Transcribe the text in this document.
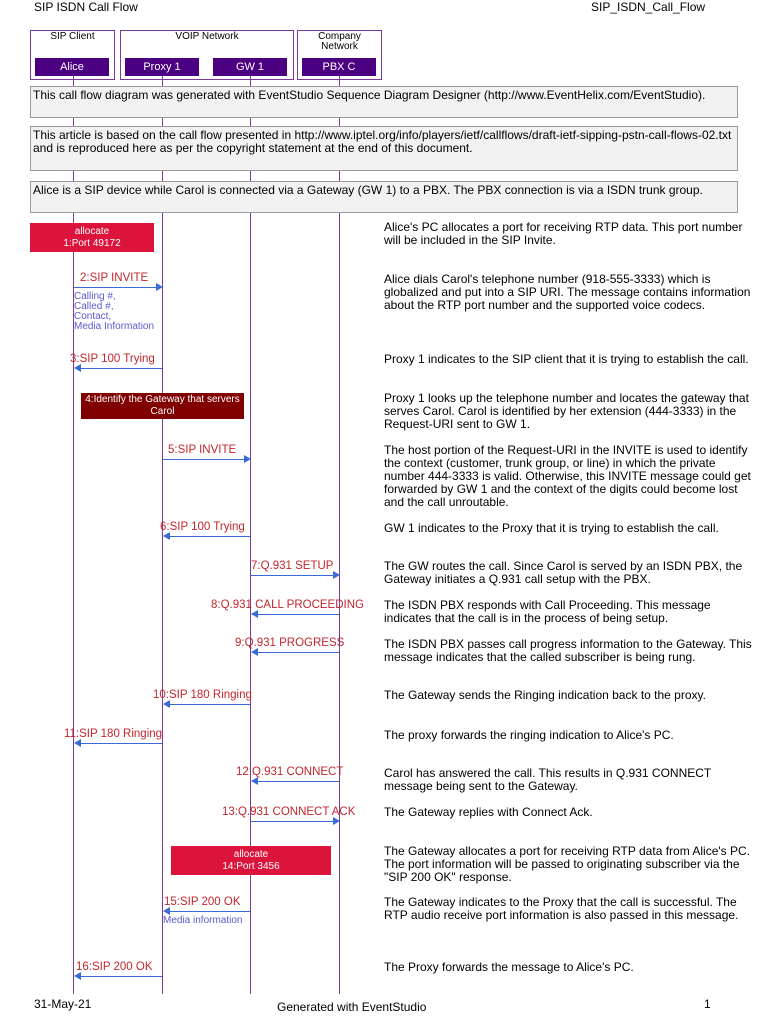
SIP ISDN Call Flow	SIP_ISDN_Call_Flow
SIP Client	VOIP Network	Company
Network
Alice	Proxy 1	GW 1	PBX C
This call flow diagram was generated with EventStudio Sequence Diagram Designer (http://www.EventHelix.com/EventStudio).
This article is based on the call flow presented in http://www.iptel.org/info/players/ietf/callflows/draft-ietf-sipping-pstn-call-flows-02.txt and is reproduced here as per the copyright statement at the end of this document.
Alice is a SIP device while Carol is connected via a Gateway (GW 1) to a PBX. The PBX connection is via a ISDN trunk group.
allocate
1:Port 49172
4:Identify the Gateway that servers
Carol
allocate
14:Port 3456
2:SIP INVITE
Calling #,
Called #,
Contact,
Media Information
3:SIP 100 Trying
5:SIP INVITE
6:SIP 100 Trying
7:Q.931 SETUP
8:Q.931 CALL PROCEEDING
9:Q.931 PROGRESS
10:SIP 180 Ringing
11:SIP 180 Ringing
12:Q.931 CONNECT
13:Q.931 CONNECT ACK
15:SIP 200 OK
Media information
16:SIP 200 OK
Alice's PC allocates a port for receiving RTP data. This port number will be included in the SIP Invite.
Alice dials Carol's telephone number (918-555-3333) which is globalized and put into a SIP URI. The message contains information about the RTP port number and the supported voice codecs.
Proxy 1 indicates to the SIP client that it is trying to establish the call.
Proxy 1 looks up the telephone number and locates the gateway that serves Carol. Carol is identified by her extension (444-3333) in the Request-URI sent to GW 1.
The host portion of the Request-URI in the INVITE is used to identify the context (customer, trunk group, or line) in which the private number 444-3333 is valid. Otherwise, this INVITE message could get forwarded by GW 1 and the context of the digits could become lost and the call unroutable.
GW 1 indicates to the Proxy that it is trying to establish the call.
The GW routes the call. Since Carol is served by an ISDN PBX, the Gateway initiates a Q.931 call setup with the PBX.
The ISDN PBX responds with Call Proceeding. This message indicates that the call is in the process of being setup.
The ISDN PBX passes call progress information to the Gateway. This message indicates that the called subscriber is being rung.
The Gateway sends the Ringing indication back to the proxy.
The proxy forwards the ringing indication to Alice's PC.
Carol has answered the call. This results in Q.931 CONNECT message being sent to the Gateway.
The Gateway replies with Connect Ack.
The Gateway allocates a port for receiving RTP data from Alice's PC. The port information will be passed to originating subscriber via the "SIP 200 OK" response.
The Gateway indicates to the Proxy that the call is successful. The RTP audio receive port information is also passed in this message.
The Proxy forwards the message to Alice's PC.
31-May-21	Generated with EventStudio	1
